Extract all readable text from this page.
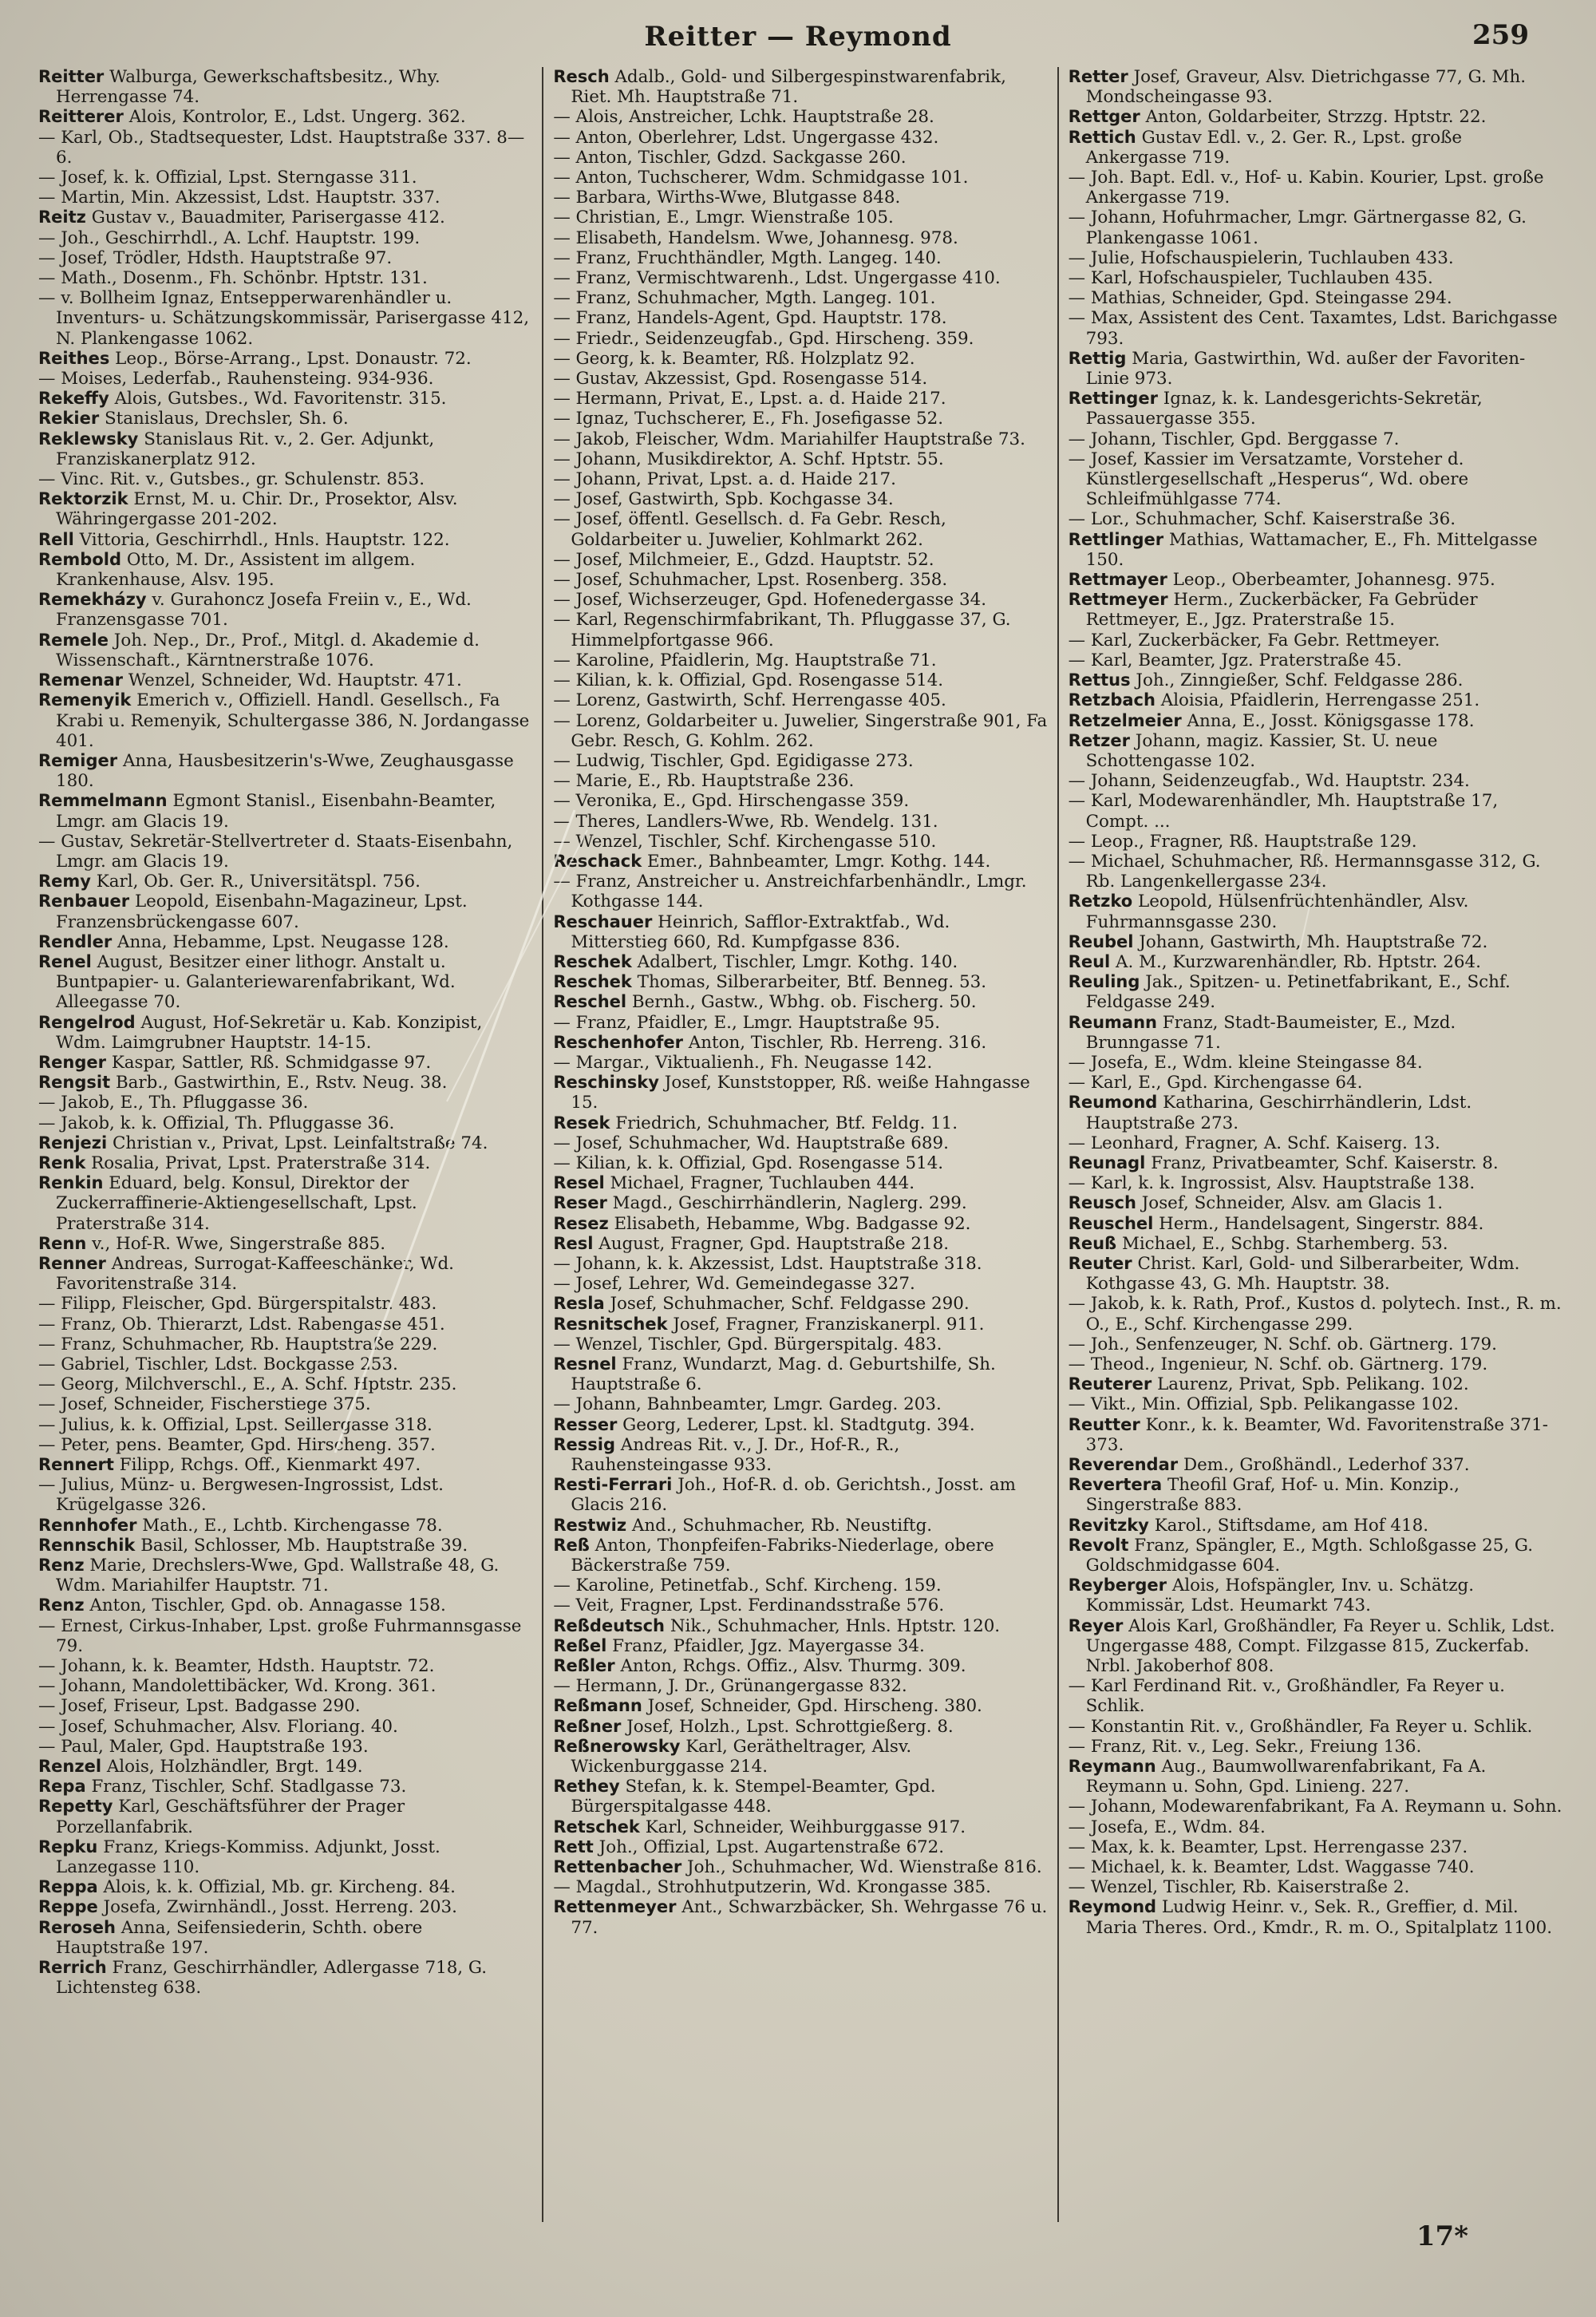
Reitter — Reymond	259

Reitter Walburga, Gewerkschaftsbesitz., Why. Herrengasse 74.

Reitterer Alois, Kontrolor, E., Ldst. Ungerg. 362.

— Karl, Ob., Stadtsequester, Ldst. Hauptstraße 337. 8—6.

— Josef, k. k. Offizial, Lpst. Sterngasse 311.

— Martin, Min. Akzessist, Ldst. Hauptstr. 337.

Reitz Gustav v., Bauadmiter, Parisergasse 412.

— Joh., Geschirrhdl., A. Lchf. Hauptstr. 199.

— Josef, Trödler, Hdsth. Hauptstraße 97.

— Math., Dosenm., Fh. Schönbr. Hptstr. 131.

— v. Bollheim Ignaz, Entsepperwarenhändler u. Inventurs- u. Schätzungskommissär, Parisergasse 412, N. Plankengasse 1062.

Reithes Leop., Börse-Arrang., Lpst. Donaustr. 72.

— Moises, Lederfab., Rauhensteing. 934-936.

Rekeffy Alois, Gutsbes., Wd. Favoritenstr. 315.

Rekier Stanislaus, Drechsler, Sh. 6.

Reklewsky Stanislaus Rit. v., 2. Ger. Adjunkt, Franziskanerplatz 912.

— Vinc. Rit. v., Gutsbes., gr. Schulenstr. 853.

Rektorzik Ernst, M. u. Chir. Dr., Prosektor, Alsv. Währingergasse 201-202.

Rell Vittoria, Geschirrhdl., Hnls. Hauptstr. 122.

Rembold Otto, M. Dr., Assistent im allgem. Krankenhause, Alsv. 195.

Remekházy v. Gurahoncz Josefa Freiin v., E., Wd. Franzensgasse 701.

Remele Joh. Nep., Dr., Prof., Mitgl. d. Akademie d. Wissenschaft., Kärntnerstraße 1076.

Remenar Wenzel, Schneider, Wd. Hauptstr. 471.

Remenyik Emerich v., Offiziell. Handl. Gesellsch., Fa Krabi u. Remenyik, Schultergasse 386, N. Jordangasse 401.

Remiger Anna, Hausbesitzerin's-Wwe, Zeughausgasse 180.

Remmelmann Egmont Stanisl., Eisenbahn-Beamter, Lmgr. am Glacis 19.

— Gustav, Sekretär-Stellvertreter d. Staats-Eisenbahn, Lmgr. am Glacis 19.

Remy Karl, Ob. Ger. R., Universitätspl. 756.

Renbauer Leopold, Eisenbahn-Magazineur, Lpst. Franzensbrückengasse 607.

Rendler Anna, Hebamme, Lpst. Neugasse 128.

Renel August, Besitzer einer lithogr. Anstalt u. Buntpapier- u. Galanteriewarenfabrikant, Wd. Alleegasse 70.

Rengelrod August, Hof-Sekretär u. Kab. Konzipist, Wdm. Laimgrubner Hauptstr. 14-15.

Renger Kaspar, Sattler, Rß. Schmidgasse 97.

Rengsit Barb., Gastwirthin, E., Rstv. Neug. 38.

— Jakob, E., Th. Pfluggasse 36.

— Jakob, k. k. Offizial, Th. Pfluggasse 36.

Renjezi Christian v., Privat, Lpst. Leinfaltstraße 74.

Renk Rosalia, Privat, Lpst. Praterstraße 314.

Renkin Eduard, belg. Konsul, Direktor der Zuckerraffinerie-Aktiengesellschaft, Lpst. Praterstraße 314.

Renn v., Hof-R. Wwe, Singerstraße 885.

Renner Andreas, Surrogat-Kaffeeschänker, Wd. Favoritenstraße 314.

— Filipp, Fleischer, Gpd. Bürgerspitalstr. 483.

— Franz, Ob. Thierarzt, Ldst. Rabengasse 451.

— Franz, Schuhmacher, Rb. Hauptstraße 229.

— Gabriel, Tischler, Ldst. Bockgasse 253.

— Georg, Milchverschl., E., A. Schf. Hptstr. 235.

— Josef, Schneider, Fischerstiege 375.

— Julius, k. k. Offizial, Lpst. Seillergasse 318.

— Peter, pens. Beamter, Gpd. Hirscheng. 357.

Rennert Filipp, Rchgs. Off., Kienmarkt 497.

— Julius, Münz- u. Bergwesen-Ingrossist, Ldst. Krügelgasse 326.

Rennhofer Math., E., Lchtb. Kirchengasse 78.

Rennschik Basil, Schlosser, Mb. Hauptstraße 39.

Renz Marie, Drechslers-Wwe, Gpd. Wallstraße 48, G. Wdm. Mariahilfer Hauptstr. 71.

Renz Anton, Tischler, Gpd. ob. Annagasse 158.

— Ernest, Cirkus-Inhaber, Lpst. große Fuhrmannsgasse 79.

— Johann, k. k. Beamter, Hdsth. Hauptstr. 72.

— Johann, Mandolettibäcker, Wd. Krong. 361.

— Josef, Friseur, Lpst. Badgasse 290.

— Josef, Schuhmacher, Alsv. Floriang. 40.

— Paul, Maler, Gpd. Hauptstraße 193.

Renzel Alois, Holzhändler, Brgt. 149.

Repa Franz, Tischler, Schf. Stadlgasse 73.

Repetty Karl, Geschäftsführer der Prager Porzellanfabrik.

Repku Franz, Kriegs-Kommiss. Adjunkt, Josst. Lanzegasse 110.

Reppa Alois, k. k. Offizial, Mb. gr. Kircheng. 84.

Reppe Josefa, Zwirnhändl., Josst. Herreng. 203.

Reroseh Anna, Seifensiederin, Schth. obere Hauptstraße 197.

Rerrich Franz, Geschirrhändler, Adlergasse 718, G. Lichtensteg 638.

Resch Adalb., Gold- und Silbergespinstwarenfabrik, Riet. Mh. Hauptstraße 71.

— Alois, Anstreicher, Lchk. Hauptstraße 28.

— Anton, Oberlehrer, Ldst. Ungergasse 432.

— Anton, Tischler, Gdzd. Sackgasse 260.

— Anton, Tuchscherer, Wdm. Schmidgasse 101.

— Barbara, Wirths-Wwe, Blutgasse 848.

— Christian, E., Lmgr. Wienstraße 105.

— Elisabeth, Handelsm. Wwe, Johannesg. 978.

— Franz, Fruchthändler, Mgth. Langeg. 140.

— Franz, Vermischtwarenh., Ldst. Ungergasse 410.

— Franz, Schuhmacher, Mgth. Langeg. 101.

— Franz, Handels-Agent, Gpd. Hauptstr. 178.

— Friedr., Seidenzeugfab., Gpd. Hirscheng. 359.

— Georg, k. k. Beamter, Rß. Holzplatz 92.

— Gustav, Akzessist, Gpd. Rosengasse 514.

— Hermann, Privat, E., Lpst. a. d. Haide 217.

— Ignaz, Tuchscherer, E., Fh. Josefigasse 52.

— Jakob, Fleischer, Wdm. Mariahilfer Hauptstraße 73.

— Johann, Musikdirektor, A. Schf. Hptstr. 55.

— Johann, Privat, Lpst. a. d. Haide 217.

— Josef, Gastwirth, Spb. Kochgasse 34.

— Josef, öffentl. Gesellsch. d. Fa Gebr. Resch, Goldarbeiter u. Juwelier, Kohlmarkt 262.

— Josef, Milchmeier, E., Gdzd. Hauptstr. 52.

— Josef, Schuhmacher, Lpst. Rosenberg. 358.

— Josef, Wichserzeuger, Gpd. Hofenedergasse 34.

— Karl, Regenschirmfabrikant, Th. Pfluggasse 37, G. Himmelpfortgasse 966.

— Karoline, Pfaidlerin, Mg. Hauptstraße 71.

— Kilian, k. k. Offizial, Gpd. Rosengasse 514.

— Lorenz, Gastwirth, Schf. Herrengasse 405.

— Lorenz, Goldarbeiter u. Juwelier, Singerstraße 901, Fa Gebr. Resch, G. Kohlm. 262.

— Ludwig, Tischler, Gpd. Egidigasse 273.

— Marie, E., Rb. Hauptstraße 236.

— Veronika, E., Gpd. Hirschengasse 359.

— Theres, Landlers-Wwe, Rb. Wendelg. 131.

— Wenzel, Tischler, Schf. Kirchengasse 510.

Reschack Emer., Bahnbeamter, Lmgr. Kothg. 144.

— Franz, Anstreicher u. Anstreichfarbenhändlr., Lmgr. Kothgasse 144.

Reschauer Heinrich, Safflor-Extraktfab., Wd. Mitterstieg 660, Rd. Kumpfgasse 836.

Reschek Adalbert, Tischler, Lmgr. Kothg. 140.

Reschek Thomas, Silberarbeiter, Btf. Benneg. 53.

Reschel Bernh., Gastw., Wbhg. ob. Fischerg. 50.

— Franz, Pfaidler, E., Lmgr. Hauptstraße 95.

Reschenhofer Anton, Tischler, Rb. Herreng. 316.

— Margar., Viktualienh., Fh. Neugasse 142.

Reschinsky Josef, Kunststopper, Rß. weiße Hahngasse 15.

Resek Friedrich, Schuhmacher, Btf. Feldg. 11.

— Josef, Schuhmacher, Wd. Hauptstraße 689.

— Kilian, k. k. Offizial, Gpd. Rosengasse 514.

Resel Michael, Fragner, Tuchlauben 444.

Reser Magd., Geschirrhändlerin, Naglerg. 299.

Resez Elisabeth, Hebamme, Wbg. Badgasse 92.

Resl August, Fragner, Gpd. Hauptstraße 218.

— Johann, k. k. Akzessist, Ldst. Hauptstraße 318.

— Josef, Lehrer, Wd. Gemeindegasse 327.

Resla Josef, Schuhmacher, Schf. Feldgasse 290.

Resnitschek Josef, Fragner, Franziskanerpl. 911.

— Wenzel, Tischler, Gpd. Bürgerspitalg. 483.

Resnel Franz, Wundarzt, Mag. d. Geburtshilfe, Sh. Hauptstraße 6.

— Johann, Bahnbeamter, Lmgr. Gardeg. 203.

Resser Georg, Lederer, Lpst. kl. Stadtgutg. 394.

Ressig Andreas Rit. v., J. Dr., Hof-R., R., Rauhensteingasse 933.

Resti-Ferrari Joh., Hof-R. d. ob. Gerichtsh., Josst. am Glacis 216.

Restwiz And., Schuhmacher, Rb. Neustiftg.

Reß Anton, Thonpfeifen-Fabriks-Niederlage, obere Bäckerstraße 759.

— Karoline, Petinetfab., Schf. Kircheng. 159.

— Veit, Fragner, Lpst. Ferdinandsstraße 576.

Reßdeutsch Nik., Schuhmacher, Hnls. Hptstr. 120.

Reßel Franz, Pfaidler, Jgz. Mayergasse 34.

Reßler Anton, Rchgs. Offiz., Alsv. Thurmg. 309.

— Hermann, J. Dr., Grünangergasse 832.

Reßmann Josef, Schneider, Gpd. Hirscheng. 380.

Reßner Josef, Holzh., Lpst. Schrottgießerg. 8.

Reßnerowsky Karl, Gerätheltrager, Alsv. Wickenburggasse 214.

Rethey Stefan, k. k. Stempel-Beamter, Gpd. Bürgerspitalgasse 448.

Retschek Karl, Schneider, Weihburggasse 917.

Rett Joh., Offizial, Lpst. Augartenstraße 672.

Rettenbacher Joh., Schuhmacher, Wd. Wienstraße 816.

— Magdal., Strohhutputzerin, Wd. Krongasse 385.

Rettenmeyer Ant., Schwarzbäcker, Sh. Wehrgasse 76 u. 77.

Retter Josef, Graveur, Alsv. Dietrichgasse 77, G. Mh. Mondscheingasse 93.

Rettger Anton, Goldarbeiter, Strzzg. Hptstr. 22.

Rettich Gustav Edl. v., 2. Ger. R., Lpst. große Ankergasse 719.

— Joh. Bapt. Edl. v., Hof- u. Kabin. Kourier, Lpst. große Ankergasse 719.

— Johann, Hofuhrmacher, Lmgr. Gärtnergasse 82, G. Plankengasse 1061.

— Julie, Hofschauspielerin, Tuchlauben 433.

— Karl, Hofschauspieler, Tuchlauben 435.

— Mathias, Schneider, Gpd. Steingasse 294.

— Max, Assistent des Cent. Taxamtes, Ldst. Barichgasse 793.

Rettig Maria, Gastwirthin, Wd. außer der Favoriten-Linie 973.

Rettinger Ignaz, k. k. Landesgerichts-Sekretär, Passauergasse 355.

— Johann, Tischler, Gpd. Berggasse 7.

— Josef, Kassier im Versatzamte, Vorsteher d. Künstlergesellschaft „Hesperus“, Wd. obere Schleifmühlgasse 774.

— Lor., Schuhmacher, Schf. Kaiserstraße 36.

Rettlinger Mathias, Wattamacher, E., Fh. Mittelgasse 150.

Rettmayer Leop., Oberbeamter, Johannesg. 975.

Rettmeyer Herm., Zuckerbäcker, Fa Gebrüder Rettmeyer, E., Jgz. Praterstraße 15.

— Karl, Zuckerbäcker, Fa Gebr. Rettmeyer.

— Karl, Beamter, Jgz. Praterstraße 45.

Rettus Joh., Zinngießer, Schf. Feldgasse 286.

Retzbach Aloisia, Pfaidlerin, Herrengasse 251.

Retzelmeier Anna, E., Josst. Königsgasse 178.

Retzer Johann, magiz. Kassier, St. U. neue Schottengasse 102.

— Johann, Seidenzeugfab., Wd. Hauptstr. 234.

— Karl, Modewarenhändler, Mh. Hauptstraße 17, Compt. ...

— Leop., Fragner, Rß. Hauptstraße 129.

— Michael, Schuhmacher, Rß. Hermannsgasse 312, G. Rb. Langenkellergasse 234.

Retzko Leopold, Hülsenfrüchtenhändler, Alsv. Fuhrmannsgasse 230.

Reubel Johann, Gastwirth, Mh. Hauptstraße 72.

Reul A. M., Kurzwarenhändler, Rb. Hptstr. 264.

Reuling Jak., Spitzen- u. Petinetfabrikant, E., Schf. Feldgasse 249.

Reumann Franz, Stadt-Baumeister, E., Mzd. Brunngasse 71.

— Josefa, E., Wdm. kleine Steingasse 84.

— Karl, E., Gpd. Kirchengasse 64.

Reumond Katharina, Geschirrhändlerin, Ldst. Hauptstraße 273.

— Leonhard, Fragner, A. Schf. Kaiserg. 13.

Reunagl Franz, Privatbeamter, Schf. Kaiserstr. 8.

— Karl, k. k. Ingrossist, Alsv. Hauptstraße 138.

Reusch Josef, Schneider, Alsv. am Glacis 1.

Reuschel Herm., Handelsagent, Singerstr. 884.

Reuß Michael, E., Schbg. Starhemberg. 53.

Reuter Christ. Karl, Gold- und Silberarbeiter, Wdm. Kothgasse 43, G. Mh. Hauptstr. 38.

— Jakob, k. k. Rath, Prof., Kustos d. polytech. Inst., R. m. O., E., Schf. Kirchengasse 299.

— Joh., Senfenzeuger, N. Schf. ob. Gärtnerg. 179.

— Theod., Ingenieur, N. Schf. ob. Gärtnerg. 179.

Reuterer Laurenz, Privat, Spb. Pelikang. 102.

— Vikt., Min. Offizial, Spb. Pelikangasse 102.

Reutter Konr., k. k. Beamter, Wd. Favoritenstraße 371-373.

Reverendar Dem., Großhändl., Lederhof 337.

Revertera Theofil Graf, Hof- u. Min. Konzip., Singerstraße 883.

Revitzky Karol., Stiftsdame, am Hof 418.

Revolt Franz, Spängler, E., Mgth. Schloßgasse 25, G. Goldschmidgasse 604.

Reyberger Alois, Hofspängler, Inv. u. Schätzg. Kommissär, Ldst. Heumarkt 743.

Reyer Alois Karl, Großhändler, Fa Reyer u. Schlik, Ldst. Ungergasse 488, Compt. Filzgasse 815, Zuckerfab. Nrbl. Jakoberhof 808.

— Karl Ferdinand Rit. v., Großhändler, Fa Reyer u. Schlik.

— Konstantin Rit. v., Großhändler, Fa Reyer u. Schlik.

— Franz, Rit. v., Leg. Sekr., Freiung 136.

Reymann Aug., Baumwollwarenfabrikant, Fa A. Reymann u. Sohn, Gpd. Linieng. 227.

— Johann, Modewarenfabrikant, Fa A. Reymann u. Sohn.

— Josefa, E., Wdm. 84.

— Max, k. k. Beamter, Lpst. Herrengasse 237.

— Michael, k. k. Beamter, Ldst. Waggasse 740.

— Wenzel, Tischler, Rb. Kaiserstraße 2.

Reymond Ludwig Heinr. v., Sek. R., Greffier, d. Mil. Maria Theres. Ord., Kmdr., R. m. O., Spitalplatz 1100.

17*
